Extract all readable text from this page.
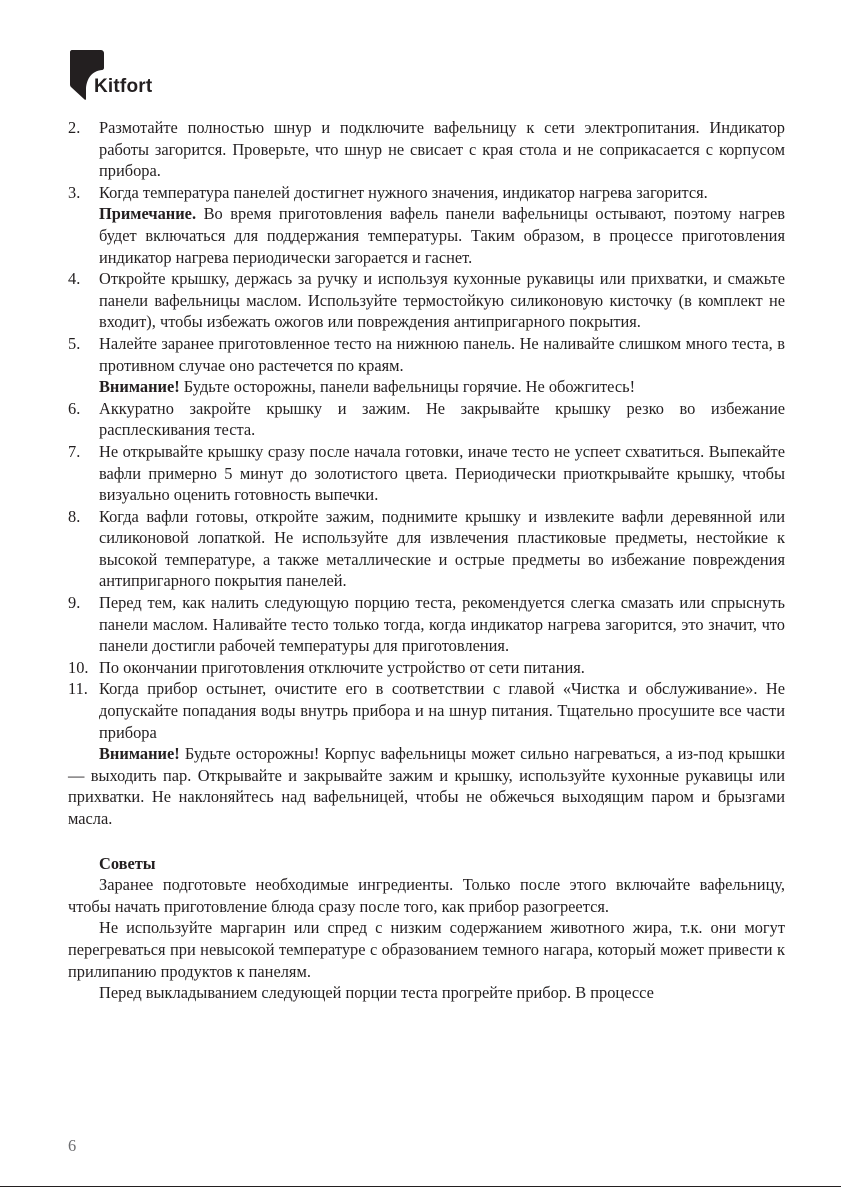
Kitfort
2. Размотайте полностью шнур и подключите вафельницу к сети электропитания. Индикатор работы загорится. Проверьте, что шнур не свисает с края стола и не соприкасается с корпусом прибора.
3. Когда температура панелей достигнет нужного значения, индикатор нагрева загорится.
Примечание. Во время приготовления вафель панели вафельницы остывают, поэтому нагрев будет включаться для поддержания температуры. Таким образом, в процессе приготовления индикатор нагрева периодически загорается и гаснет.
4. Откройте крышку, держась за ручку и используя кухонные рукавицы или прихватки, и смажьте панели вафельницы маслом. Используйте термостойкую силиконовую кисточку (в комплект не входит), чтобы избежать ожогов или повреждения антипригарного покрытия.
5. Налейте заранее приготовленное тесто на нижнюю панель. Не наливайте слишком много теста, в противном случае оно растечется по краям.
Внимание! Будьте осторожны, панели вафельницы горячие. Не обожгитесь!
6. Аккуратно закройте крышку и зажим. Не закрывайте крышку резко во избежание расплескивания теста.
7. Не открывайте крышку сразу после начала готовки, иначе тесто не успеет схватиться. Выпекайте вафли примерно 5 минут до золотистого цвета. Периодически приоткрывайте крышку, чтобы визуально оценить готовность выпечки.
8. Когда вафли готовы, откройте зажим, поднимите крышку и извлеките вафли деревянной или силиконовой лопаткой. Не используйте для извлечения пластиковые предметы, нестойкие к высокой температуре, а также металлические и острые предметы во избежание повреждения антипригарного покрытия панелей.
9. Перед тем, как налить следующую порцию теста, рекомендуется слегка смазать или спрыснуть панели маслом. Наливайте тесто только тогда, когда индикатор нагрева загорится, это значит, что панели достигли рабочей температуры для приготовления.
10. По окончании приготовления отключите устройство от сети питания.
11. Когда прибор остынет, очистите его в соответствии с главой «Чистка и обслуживание». Не допускайте попадания воды внутрь прибора и на шнур питания. Тщательно просушите все части прибора
Внимание! Будьте осторожны! Корпус вафельницы может сильно нагреваться, а из-под крышки — выходить пар. Открывайте и закрывайте зажим и крышку, используйте кухонные рукавицы или прихватки. Не наклоняйтесь над вафельницей, чтобы не обжечься выходящим паром и брызгами масла.
Советы
Заранее подготовьте необходимые ингредиенты. Только после этого включайте вафельницу, чтобы начать приготовление блюда сразу после того, как прибор разогреется.
Не используйте маргарин или спред с низким содержанием животного жира, т.к. они могут перегреваться при невысокой температуре с образованием темного нагара, который может привести к прилипанию продуктов к панелям.
Перед выкладыванием следующей порции теста прогрейте прибор. В процессе
6
